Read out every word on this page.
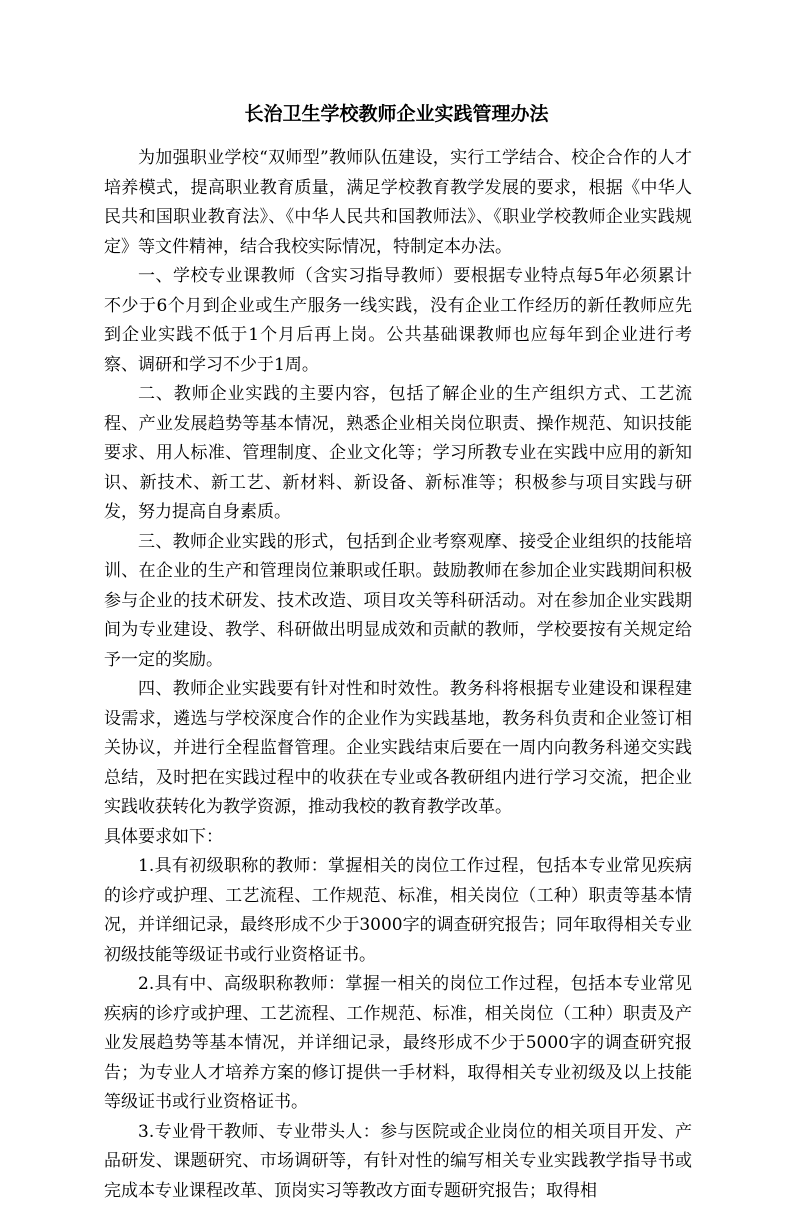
长治卫生学校教师企业实践管理办法

为加强职业学校“双师型”教师队伍建设，实行工学结合、校企合作的人才培养模式，提高职业教育质量，满足学校教育教学发展的要求，根据《中华人民共和国职业教育法》、《中华人民共和国教师法》、《职业学校教师企业实践规定》等文件精神，结合我校实际情况，特制定本办法。

一、学校专业课教师（含实习指导教师）要根据专业特点每5年必须累计不少于6个月到企业或生产服务一线实践，没有企业工作经历的新任教师应先到企业实践不低于1个月后再上岗。公共基础课教师也应每年到企业进行考察、调研和学习不少于1周。

二、教师企业实践的主要内容，包括了解企业的生产组织方式、工艺流程、产业发展趋势等基本情况，熟悉企业相关岗位职责、操作规范、知识技能要求、用人标准、管理制度、企业文化等；学习所教专业在实践中应用的新知识、新技术、新工艺、新材料、新设备、新标准等；积极参与项目实践与研发，努力提高自身素质。

三、教师企业实践的形式，包括到企业考察观摩、接受企业组织的技能培训、在企业的生产和管理岗位兼职或任职。鼓励教师在参加企业实践期间积极参与企业的技术研发、技术改造、项目攻关等科研活动。对在参加企业实践期间为专业建设、教学、科研做出明显成效和贡献的教师，学校要按有关规定给予一定的奖励。

四、教师企业实践要有针对性和时效性。教务科将根据专业建设和课程建设需求，遴选与学校深度合作的企业作为实践基地，教务科负责和企业签订相关协议，并进行全程监督管理。企业实践结束后要在一周内向教务科递交实践总结，及时把在实践过程中的收获在专业或各教研组内进行学习交流，把企业实践收获转化为教学资源，推动我校的教育教学改革。

具体要求如下：

1.具有初级职称的教师：掌握相关的岗位工作过程，包括本专业常见疾病的诊疗或护理、工艺流程、工作规范、标准，相关岗位（工种）职责等基本情况，并详细记录，最终形成不少于3000字的调查研究报告；同年取得相关专业初级技能等级证书或行业资格证书。

2.具有中、高级职称教师：掌握一相关的岗位工作过程，包括本专业常见疾病的诊疗或护理、工艺流程、工作规范、标准，相关岗位（工种）职责及产业发展趋势等基本情况，并详细记录，最终形成不少于5000字的调查研究报告；为专业人才培养方案的修订提供一手材料，取得相关专业初级及以上技能等级证书或行业资格证书。

3.专业骨干教师、专业带头人：参与医院或企业岗位的相关项目开发、产品研发、课题研究、市场调研等，有针对性的编写相关专业实践教学指导书或完成本专业课程改革、顶岗实习等教改方面专题研究报告；取得相
